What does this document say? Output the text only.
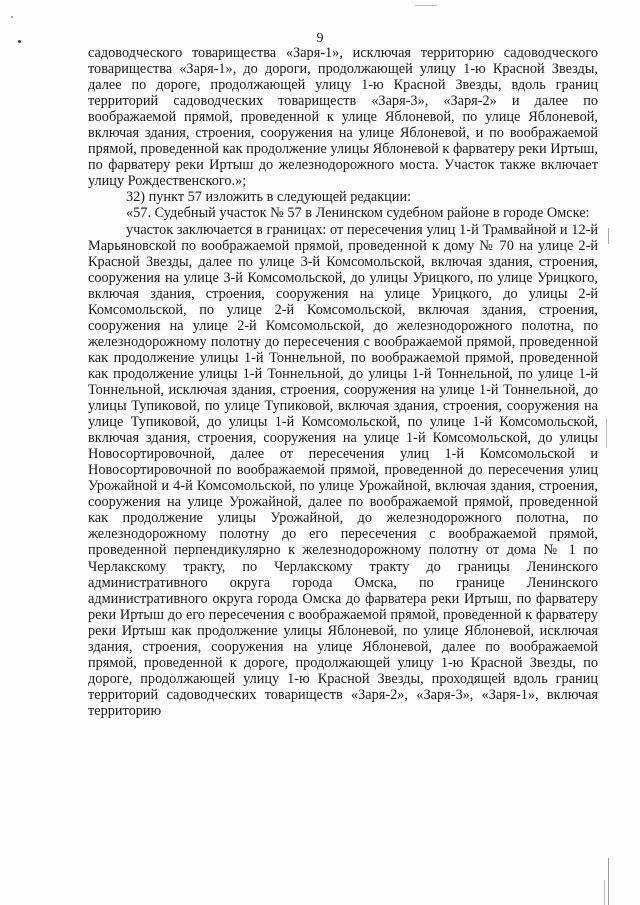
9

садоводческого товарищества «Заря-1», исключая территорию садоводческого товарищества «Заря-1», до дороги, продолжающей улицу 1-ю Красной Звезды, далее по дороге, продолжающей улицу 1-ю Красной Звезды, вдоль границ территорий садоводческих товариществ «Заря-3», «Заря-2» и далее по воображаемой прямой, проведенной к улице Яблоневой, по улице Яблоневой, включая здания, строения, сооружения на улице Яблоневой, и по воображаемой прямой, проведенной как продолжение улицы Яблоневой к фарватеру реки Иртыш, по фарватеру реки Иртыш до железнодорожного моста. Участок также включает улицу Рождественского.»;

32) пункт 57 изложить в следующей редакции:

«57. Судебный участок № 57 в Ленинском судебном районе в городе Омске:

участок заключается в границах: от пересечения улиц 1-й Трамвайной и 12-й Марьяновской по воображаемой прямой, проведенной к дому № 70 на улице 2-й Красной Звезды, далее по улице 3-й Комсомольской, включая здания, строения, сооружения на улице 3-й Комсомольской, до улицы Урицкого, по улице Урицкого, включая здания, строения, сооружения на улице Урицкого, до улицы 2-й Комсомольской, по улице 2-й Комсомольской, включая здания, строения, сооружения на улице 2-й Комсомольской, до железнодорожного полотна, по железнодорожному полотну до пересечения с воображаемой прямой, проведенной как продолжение улицы 1-й Тоннельной, по воображаемой прямой, проведенной как продолжение улицы 1-й Тоннельной, до улицы 1-й Тоннельной, по улице 1-й Тоннельной, исключая здания, строения, сооружения на улице 1-й Тоннельной, до улицы Тупиковой, по улице Тупиковой, включая здания, строения, сооружения на улице Тупиковой, до улицы 1-й Комсомольской, по улице 1-й Комсомольской, включая здания, строения, сооружения на улице 1-й Комсомольской, до улицы Новосортировочной, далее от пересечения улиц 1-й Комсомольской и Новосортировочной по воображаемой прямой, проведенной до пересечения улиц Урожайной и 4-й Комсомольской, по улице Урожайной, включая здания, строения, сооружения на улице Урожайной, далее по воображаемой прямой, проведенной как продолжение улицы Урожайной, до железнодорожного полотна, по железнодорожному полотну до его пересечения с воображаемой прямой, проведенной перпендикулярно к железнодорожному полотну от дома № 1 по Черлакскому тракту, по Черлакскому тракту до границы Ленинского административного округа города Омска, по границе Ленинского административного округа города Омска до фарватера реки Иртыш, по фарватеру реки Иртыш до его пересечения с воображаемой прямой, проведенной к фарватеру реки Иртыш как продолжение улицы Яблоневой, по улице Яблоневой, исключая здания, строения, сооружения на улице Яблоневой, далее по воображаемой прямой, проведенной к дороге, продолжающей улицу 1-ю Красной Звезды, по дороге, продолжающей улицу 1-ю Красной Звезды, проходящей вдоль границ территорий садоводческих товариществ «Заря-2», «Заря-3», «Заря-1», включая территорию
